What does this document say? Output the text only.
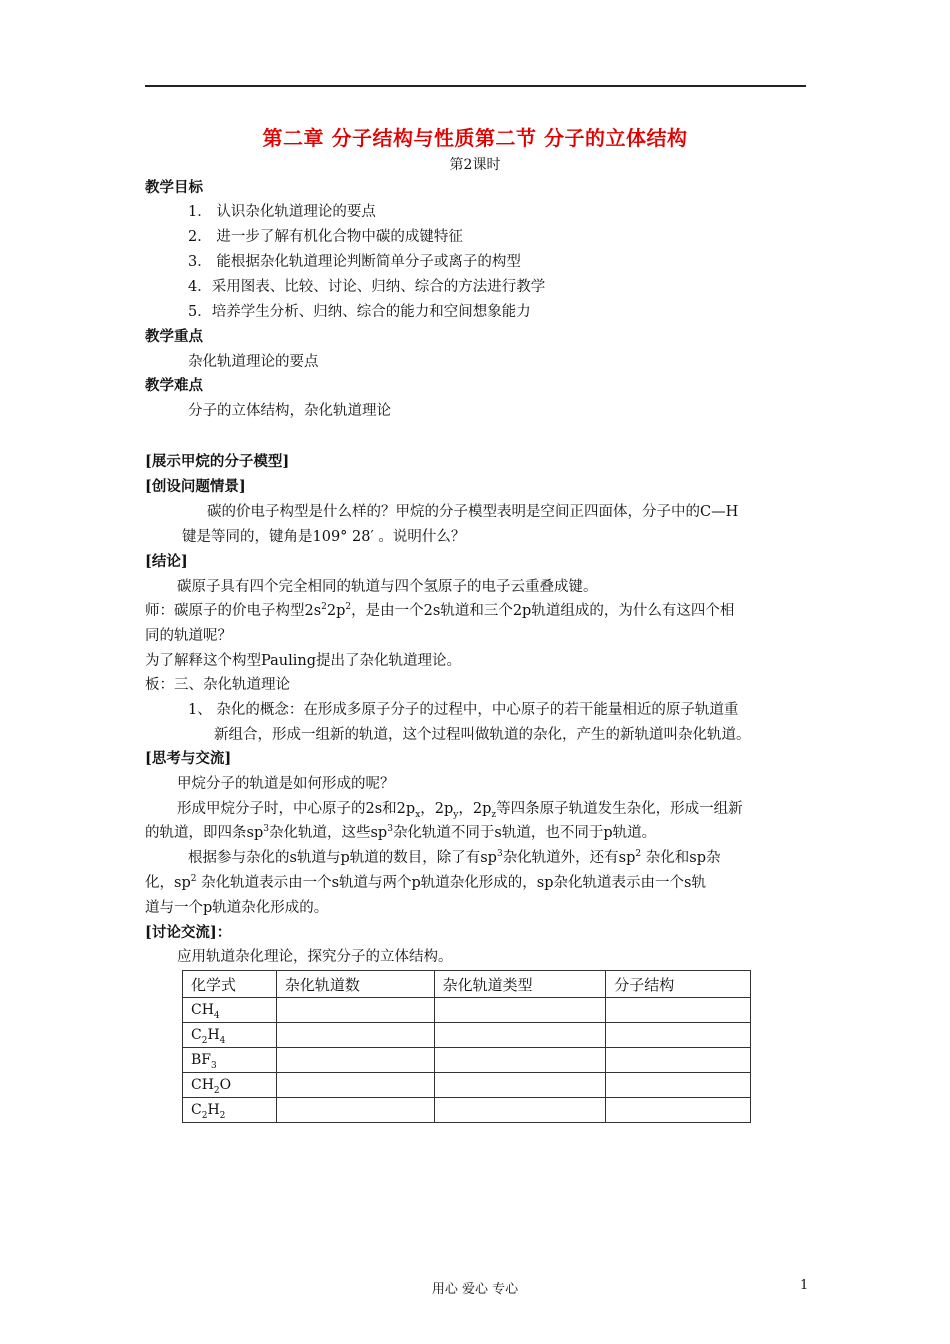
第二章 分子结构与性质第二节 分子的立体结构
第2课时
教学目标
1． 认识杂化轨道理论的要点
2． 进一步了解有机化合物中碳的成键特征
3． 能根据杂化轨道理论判断简单分子或离子的构型
4．采用图表、比较、讨论、归纳、综合的方法进行教学
5．培养学生分析、归纳、综合的能力和空间想象能力
教学重点
杂化轨道理论的要点
教学难点
分子的立体结构，杂化轨道理论
[展示甲烷的分子模型]
[创设问题情景]
碳的价电子构型是什么样的？甲烷的分子模型表明是空间正四面体，分子中的C—H
键是等同的，键角是109° 28′ 。说明什么？
[结论]
碳原子具有四个完全相同的轨道与四个氢原子的电子云重叠成键。
师：碳原子的价电子构型$2s^22p^2$，是由一个2s轨道和三个2p轨道组成的，为什么有这四个相
同的轨道呢？
为了解释这个构型Pauling提出了杂化轨道理论。
板：三、杂化轨道理论
1、 杂化的概念：在形成多原子分子的过程中，中心原子的若干能量相近的原子轨道重
新组合，形成一组新的轨道，这个过程叫做轨道的杂化，产生的新轨道叫杂化轨道。
[思考与交流]
甲烷分子的轨道是如何形成的呢？
形成甲烷分子时，中心原子的2s和$2p_x$，$2p_y$，$2p_z$等四条原子轨道发生杂化，形成一组新
的轨道，即四条$sp^3$杂化轨道，这些$sp^3$杂化轨道不同于s轨道，也不同于p轨道。
根据参与杂化的s轨道与p轨道的数目，除了有$sp^3$杂化轨道外，还有$sp^2$ 杂化和sp杂
化，$sp^2$ 杂化轨道表示由一个s轨道与两个p轨道杂化形成的，sp杂化轨道表示由一个s轨
道与一个p轨道杂化形成的。
[讨论交流]：
应用轨道杂化理论，探究分子的立体结构。
化学式	杂化轨道数	杂化轨道类型	分子结构
$CH_4$			
$C_2H_4$			
$BF_3$			
$CH_2O$			
$C_2H_2$			
用心 爱心 专心	1
